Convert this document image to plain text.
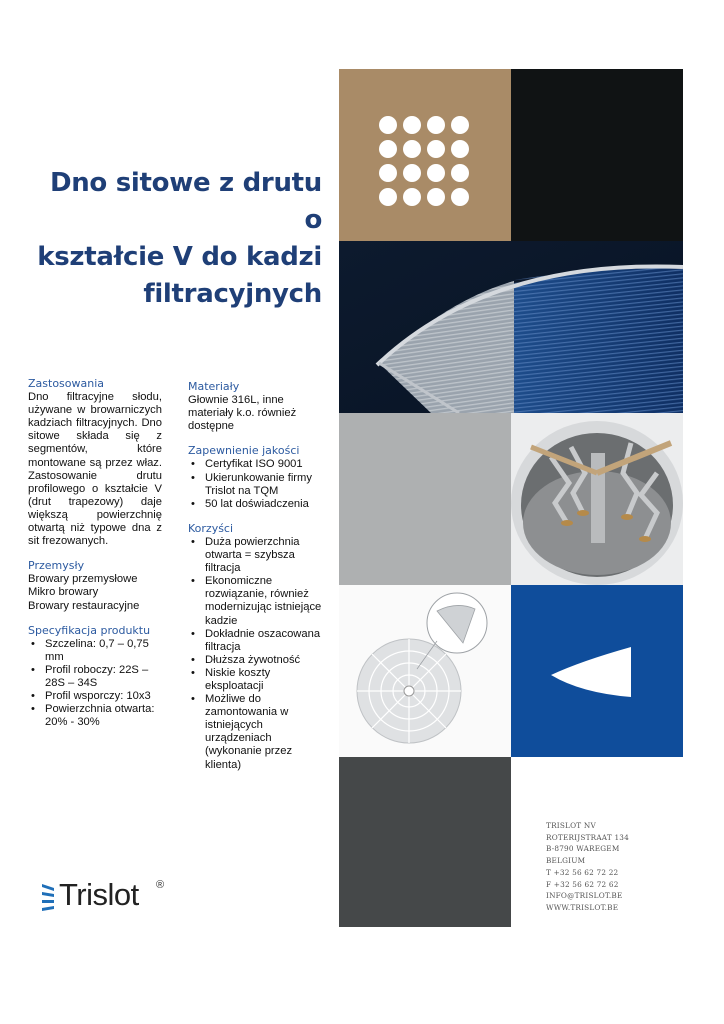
Dno sitowe z drutu o
kształcie V do kadzi
filtracyjnych
Zastosowania

Dno filtracyjne słodu, używane w browarniczych kadziach filtracyjnych. Dno sitowe składa się z segmentów, które montowane są przez właz. Zastosowanie drutu profilowego o kształcie V (drut trapezowy) daje większą powierzchnię otwartą niż typowe dna z sit frezowanych.

Przemysły
Browary przemysłowe
Mikro browary
Browary restauracyjne
Specyfikacja produktu
• Szczelina: 0,7 – 0,75 mm
• Profil roboczy: 22S – 28S – 34S
• Profil wsporczy: 10x3
• Powierzchnia otwarta: 20% - 30%
Materiały

Głownie 316L, inne materiały k.o. również dostępne

Zapewnienie jakości
• Certyfikat ISO 9001
• Ukierunkowanie firmy Trislot na TQM
• 50 lat doświadczenia
Korzyści
• Duża powierzchnia otwarta = szybsza filtracja
• Ekonomiczne rozwiązanie, również modernizując istniejące kadzie
• Dokładnie oszacowana filtracja
• Dłuższa żywotność
• Niskie koszty eksploatacji
• Możliwe do zamontowania w istniejących urządzeniach (wykonanie przez klienta)
TRISLOT NV
ROTERIJSTRAAT 134
B-8790 WAREGEM
BELGIUM
T +32 56 62 72 22
F +32 56 62 72 62
INFO@TRISLOT.BE
WWW.TRISLOT.BE
Trislot ®
